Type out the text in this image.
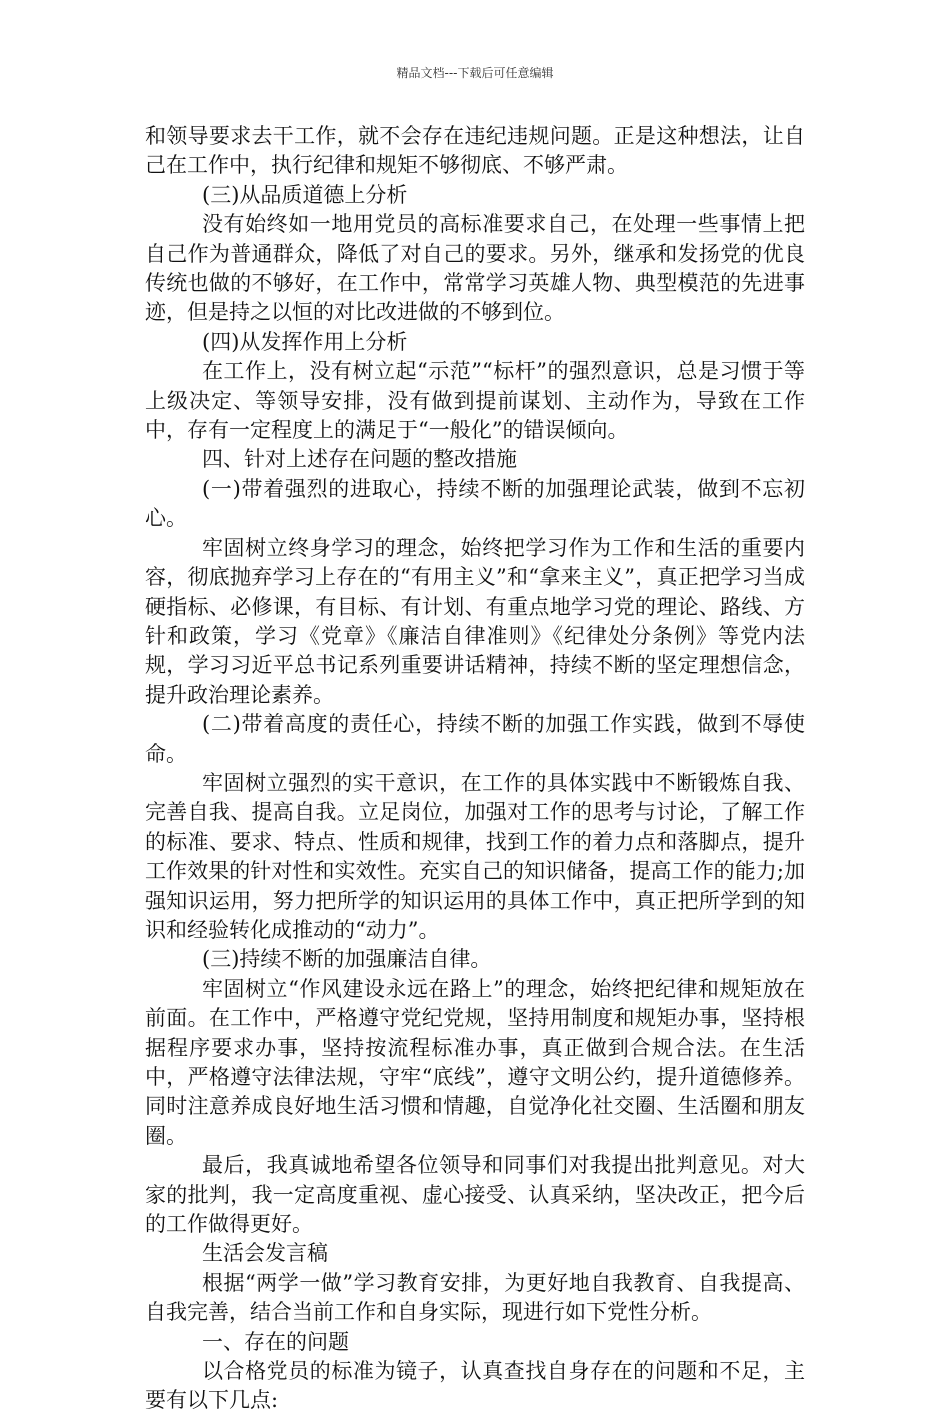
精品文档---下载后可任意编辑

和领导要求去干工作，就不会存在违纪违规问题。正是这种想法，让自己在工作中，执行纪律和规矩不够彻底、不够严肃。

(三)从品质道德上分析

没有始终如一地用党员的高标准要求自己，在处理一些事情上把自己作为普通群众，降低了对自己的要求。另外，继承和发扬党的优良传统也做的不够好，在工作中，常常学习英雄人物、典型模范的先进事迹，但是持之以恒的对比改进做的不够到位。

(四)从发挥作用上分析

在工作上，没有树立起“示范”“标杆”的强烈意识，总是习惯于等上级决定、等领导安排，没有做到提前谋划、主动作为，导致在工作中，存有一定程度上的满足于“一般化”的错误倾向。

四、针对上述存在问题的整改措施

(一)带着强烈的进取心，持续不断的加强理论武装，做到不忘初心。

牢固树立终身学习的理念，始终把学习作为工作和生活的重要内容，彻底抛弃学习上存在的“有用主义”和“拿来主义”，真正把学习当成硬指标、必修课，有目标、有计划、有重点地学习党的理论、路线、方针和政策，学习《党章》《廉洁自律准则》《纪律处分条例》等党内法规，学习习近平总书记系列重要讲话精神，持续不断的坚定理想信念，提升政治理论素养。

(二)带着高度的责任心，持续不断的加强工作实践，做到不辱使命。

牢固树立强烈的实干意识，在工作的具体实践中不断锻炼自我、完善自我、提高自我。立足岗位，加强对工作的思考与讨论，了解工作的标准、要求、特点、性质和规律，找到工作的着力点和落脚点，提升工作效果的针对性和实效性。充实自己的知识储备，提高工作的能力;加强知识运用，努力把所学的知识运用的具体工作中，真正把所学到的知识和经验转化成推动的“动力”。

(三)持续不断的加强廉洁自律。

牢固树立“作风建设永远在路上”的理念，始终把纪律和规矩放在前面。在工作中，严格遵守党纪党规，坚持用制度和规矩办事，坚持根据程序要求办事，坚持按流程标准办事，真正做到合规合法。在生活中，严格遵守法律法规，守牢“底线”，遵守文明公约，提升道德修养。同时注意养成良好地生活习惯和情趣，自觉净化社交圈、生活圈和朋友圈。

最后，我真诚地希望各位领导和同事们对我提出批判意见。对大家的批判，我一定高度重视、虚心接受、认真采纳，坚决改正，把今后的工作做得更好。

生活会发言稿

根据“两学一做”学习教育安排，为更好地自我教育、自我提高、自我完善，结合当前工作和自身实际，现进行如下党性分析。

一、存在的问题

以合格党员的标准为镜子，认真查找自身存在的问题和不足，主要有以下几点:
